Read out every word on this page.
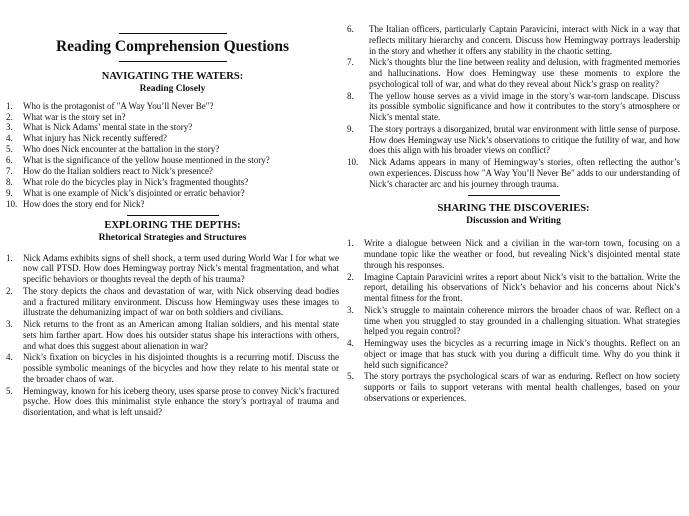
Reading Comprehension Questions
NAVIGATING THE WATERS:
Reading Closely
1. Who is the protagonist of "A Way You’ll Never Be"?
2. What war is the story set in?
3. What is Nick Adams’ mental state in the story?
4. What injury has Nick recently suffered?
5. Who does Nick encounter at the battalion in the story?
6. What is the significance of the yellow house mentioned in the story?
7. How do the Italian soldiers react to Nick’s presence?
8. What role do the bicycles play in Nick’s fragmented thoughts?
9. What is one example of Nick’s disjointed or erratic behavior?
10. How does the story end for Nick?
EXPLORING THE DEPTHS:
Rhetorical Strategies and Structures
1. Nick Adams exhibits signs of shell shock, a term used during World War I for what we now call PTSD. How does Hemingway portray Nick’s mental fragmentation, and what specific behaviors or thoughts reveal the depth of his trauma?
2. The story depicts the chaos and devastation of war, with Nick observing dead bodies and a fractured military environment. Discuss how Hemingway uses these images to illustrate the dehumanizing impact of war on both soldiers and civilians.
3. Nick returns to the front as an American among Italian soldiers, and his mental state sets him farther apart. How does his outsider status shape his interactions with others, and what does this suggest about alienation in war?
4. Nick’s fixation on bicycles in his disjointed thoughts is a recurring motif. Discuss the possible symbolic meanings of the bicycles and how they relate to his mental state or the broader chaos of war.
5. Hemingway, known for his iceberg theory, uses sparse prose to convey Nick’s fractured psyche. How does this minimalist style enhance the story’s portrayal of trauma and disorientation, and what is left unsaid?
6. The Italian officers, particularly Captain Paravicini, interact with Nick in a way that reflects military hierarchy and concern. Discuss how Hemingway portrays leadership in the story and whether it offers any stability in the chaotic setting.
7. Nick’s thoughts blur the line between reality and delusion, with fragmented memories and hallucinations. How does Hemingway use these moments to explore the psychological toll of war, and what do they reveal about Nick’s grasp on reality?
8. The yellow house serves as a vivid image in the story’s war-torn landscape. Discuss its possible symbolic significance and how it contributes to the story’s atmosphere or Nick’s mental state.
9. The story portrays a disorganized, brutal war environment with little sense of purpose. How does Hemingway use Nick’s observations to critique the futility of war, and how does this align with his broader views on conflict?
10. Nick Adams appears in many of Hemingway’s stories, often reflecting the author’s own experiences. Discuss how "A Way You’ll Never Be" adds to our understanding of Nick’s character arc and his journey through trauma.
SHARING THE DISCOVERIES:
Discussion and Writing
1. Write a dialogue between Nick and a civilian in the war-torn town, focusing on a mundane topic like the weather or food, but revealing Nick’s disjointed mental state through his responses.
2. Imagine Captain Paravicini writes a report about Nick’s visit to the battalion. Write the report, detailing his observations of Nick’s behavior and his concerns about Nick’s mental fitness for the front.
3. Nick’s struggle to maintain coherence mirrors the broader chaos of war. Reflect on a time when you struggled to stay grounded in a challenging situation. What strategies helped you regain control?
4. Hemingway uses the bicycles as a recurring image in Nick’s thoughts. Reflect on an object or image that has stuck with you during a difficult time. Why do you think it held such significance?
5. The story portrays the psychological scars of war as enduring. Reflect on how society supports or fails to support veterans with mental health challenges, based on your observations or experiences.
